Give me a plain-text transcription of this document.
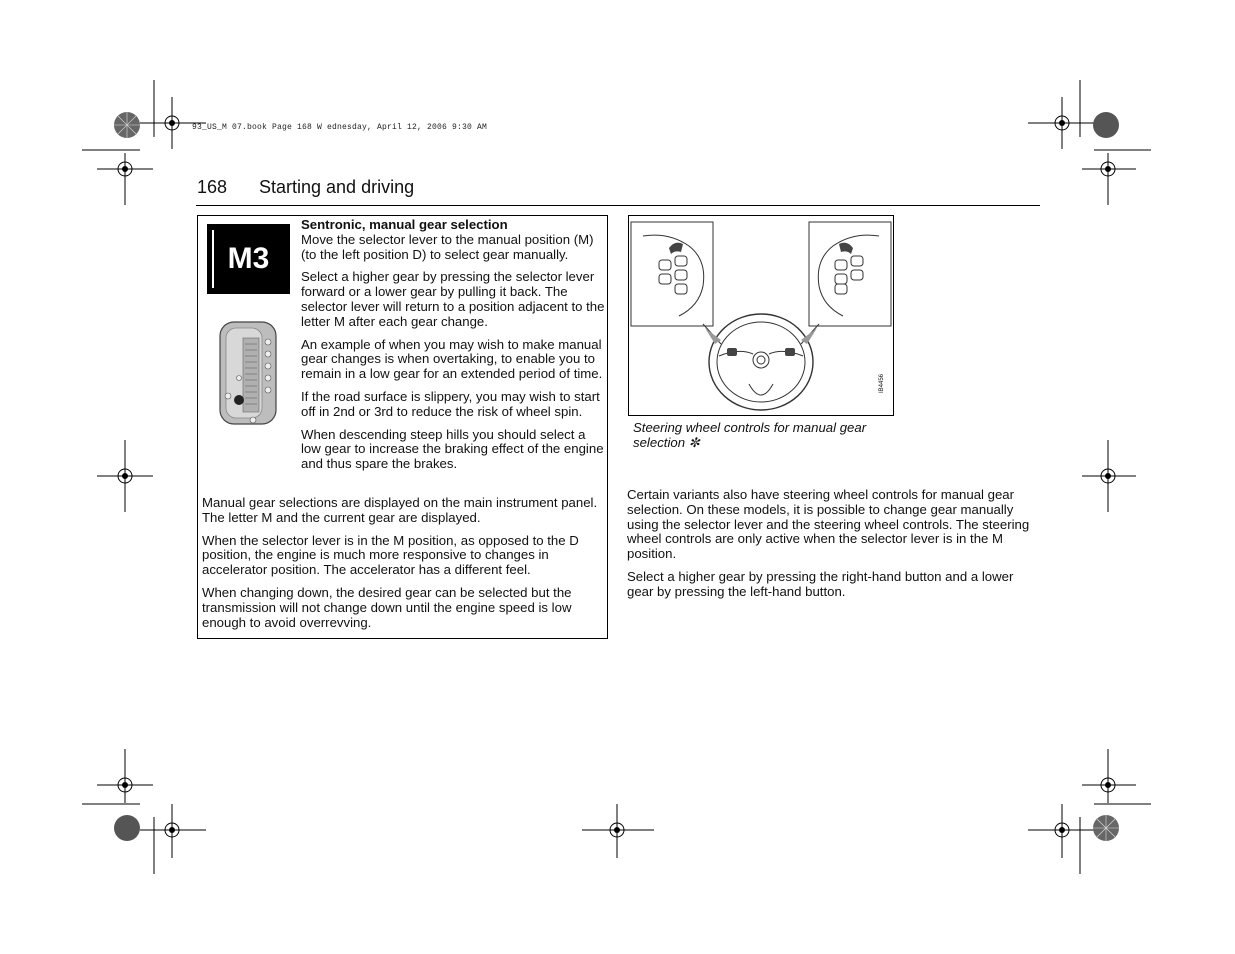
93_US_M 07.book Page 168 W ednesday, April 12, 2006 9:30 AM
168 Starting and driving
M3

Sentronic, manual gear selection

Move the selector lever to the manual position (M) (to the left position D) to select gear manually.

Select a higher gear by pressing the selector lever forward or a lower gear by pulling it back. The selector lever will return to a position adjacent to the letter M after each gear change.

An example of when you may wish to make manual gear changes is when overtaking, to enable you to remain in a low gear for an extended period of time.

If the road surface is slippery, you may wish to start off in 2nd or 3rd to reduce the risk of wheel spin.

When descending steep hills you should select a low gear to increase the braking effect of the engine and thus spare the brakes.

Manual gear selections are displayed on the main instrument panel. The letter M and the current gear are displayed.

When the selector lever is in the M position, as opposed to the D position, the engine is much more responsive to changes in accelerator position. The accelerator has a different feel.

When changing down, the desired gear can be selected but the transmission will not change down until the engine speed is low enough to avoid overrevving.

IB4456
Steering wheel controls for manual gear selection ✼

Certain variants also have steering wheel controls for manual gear selection. On these models, it is possible to change gear manually using the selector lever and the steering wheel controls. The steering wheel controls are only active when the selector lever is in the M position.

Select a higher gear by pressing the right-hand button and a lower gear by pressing the left-hand button.
